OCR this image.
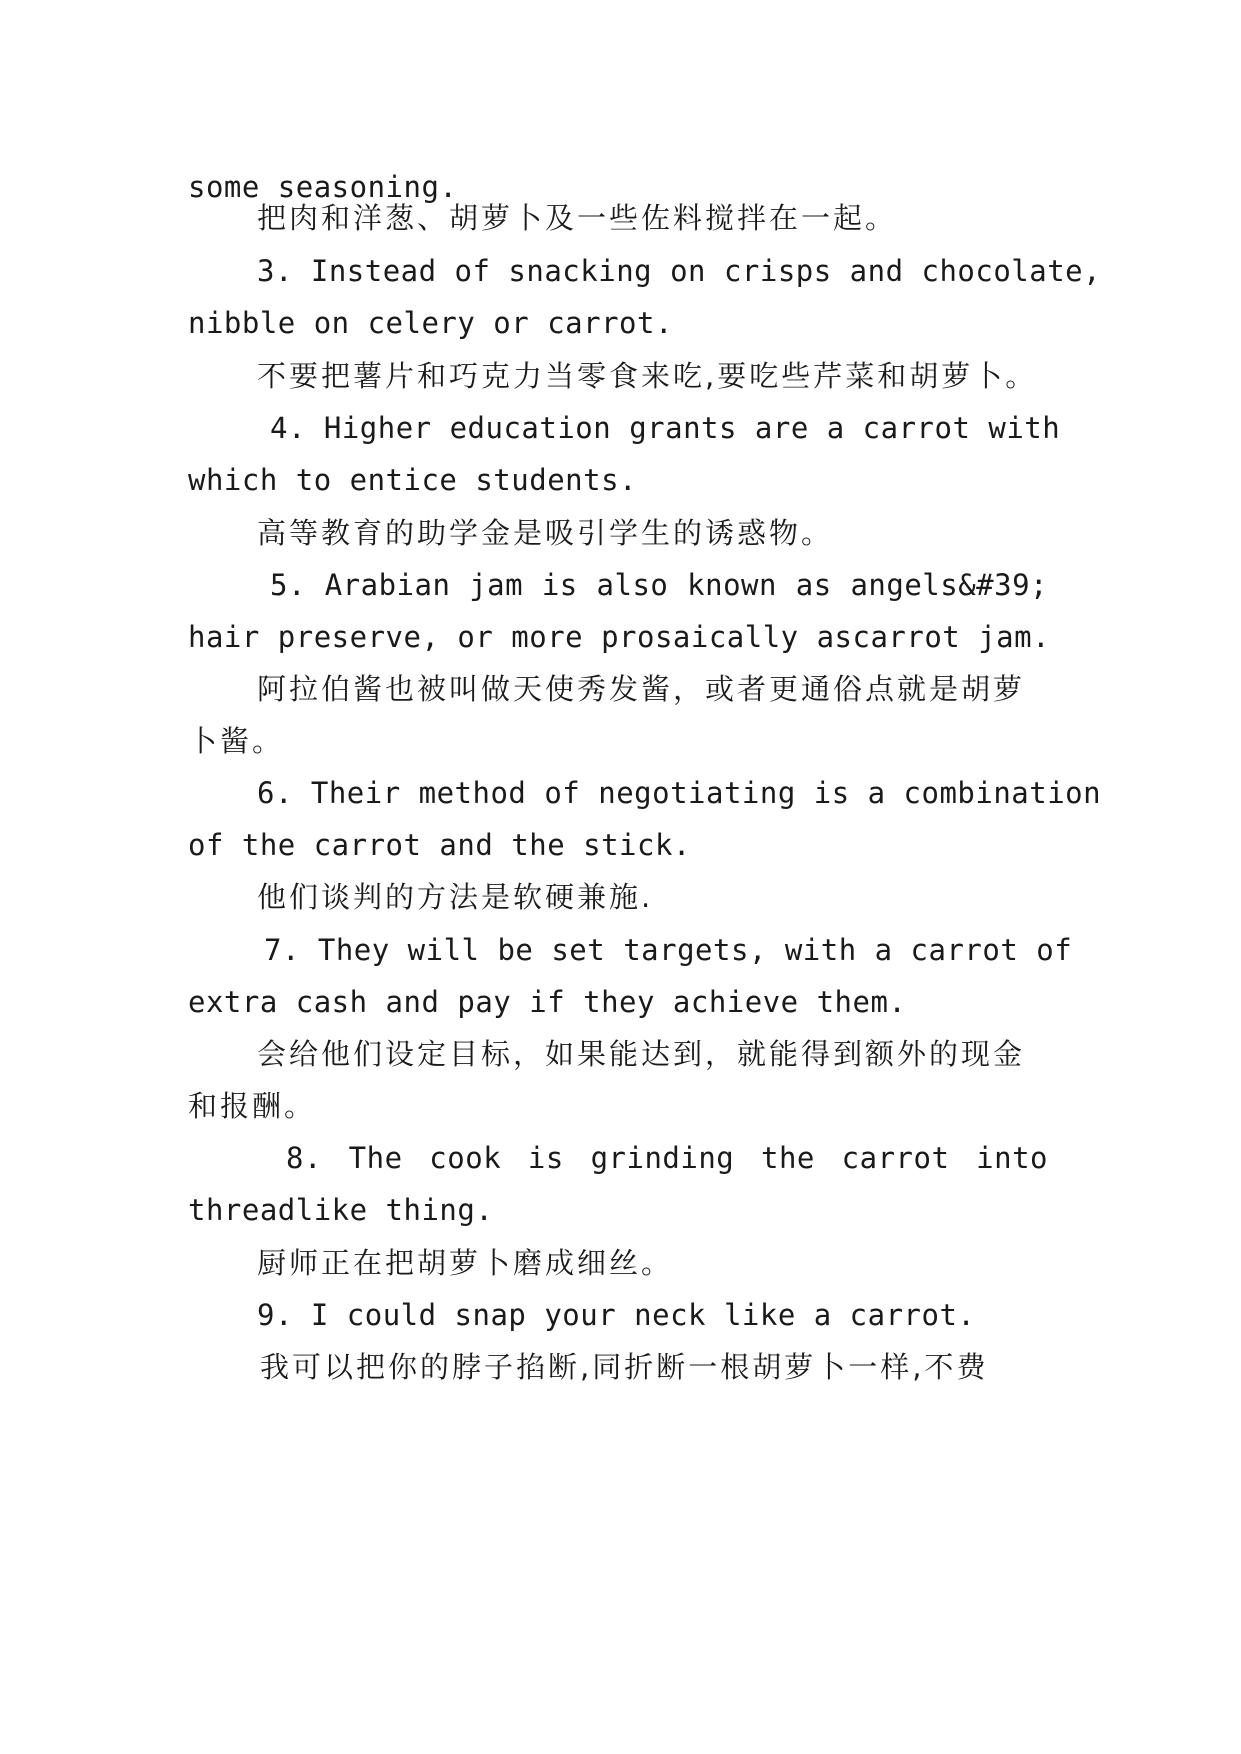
some seasoning.
把肉和洋葱、胡萝卜及一些佐料搅拌在一起。
3. Instead of snacking on crisps and chocolate,
nibble on celery or carrot.
不要把薯片和巧克力当零食来吃,要吃些芹菜和胡萝卜。
4. Higher education grants are a carrot with
which to entice students.
高等教育的助学金是吸引学生的诱惑物。
5. Arabian jam is also known as angels&#39;
hair preserve, or more prosaically ascarrot jam.
阿拉伯酱也被叫做天使秀发酱，或者更通俗点就是胡萝
卜酱。
6. Their method of negotiating is a combination
of the carrot and the stick.
他们谈判的方法是软硬兼施.
7. They will be set targets, with a carrot of
extra cash and pay if they achieve them.
会给他们设定目标，如果能达到，就能得到额外的现金
和报酬。
8. The cook is grinding the carrot into
threadlike thing.
厨师正在把胡萝卜磨成细丝。
9. I could snap your neck like a carrot.
我可以把你的脖子掐断,同折断一根胡萝卜一样,不费
